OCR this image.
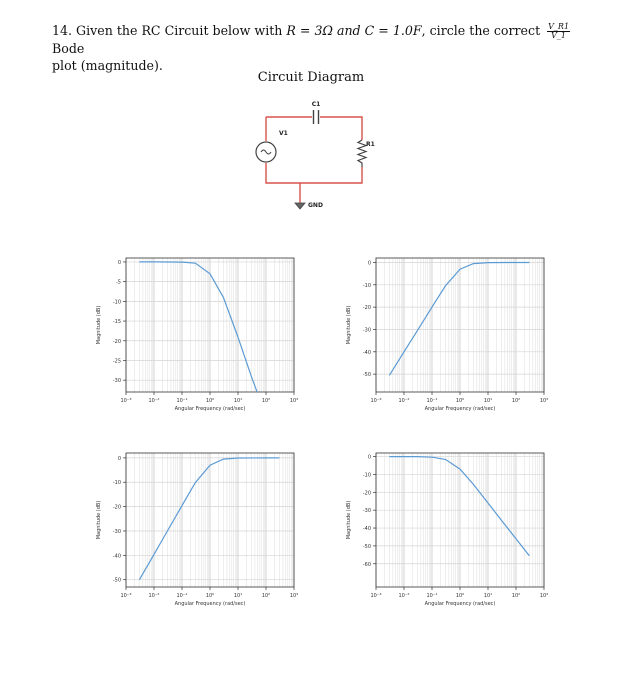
14. Given the RC Circuit below with R = 3Ω and C = 1.0F, circle the correct $\frac{V\_R1}{V\_1}$
Bode
plot (magnitude).
Circuit Diagram
C1
V1
R1
GND
0
-5
-10
-15
-20
-25
-30
10⁻³	10⁻²	10⁻¹	10⁰	10¹	10²	10³
Angular Frequency (rad/sec)
Magnitude (dB)
0
-10
-20
-30
-40
-50
10⁻³	10⁻²	10⁻¹	10⁰	10¹	10²	10³
Angular Frequency (rad/sec)
Magnitude (dB)
0
-10
-20
-30
-40
-50
10⁻³	10⁻²	10⁻¹	10⁰	10¹	10²	10³
Angular Frequency (rad/sec)
Magnitude (dB)
0
-10
-20
-30
-40
-50
-60
10⁻³	10⁻²	10⁻¹	10⁰	10¹	10²	10³
Angular Frequency (rad/sec)
Magnitude (dB)
